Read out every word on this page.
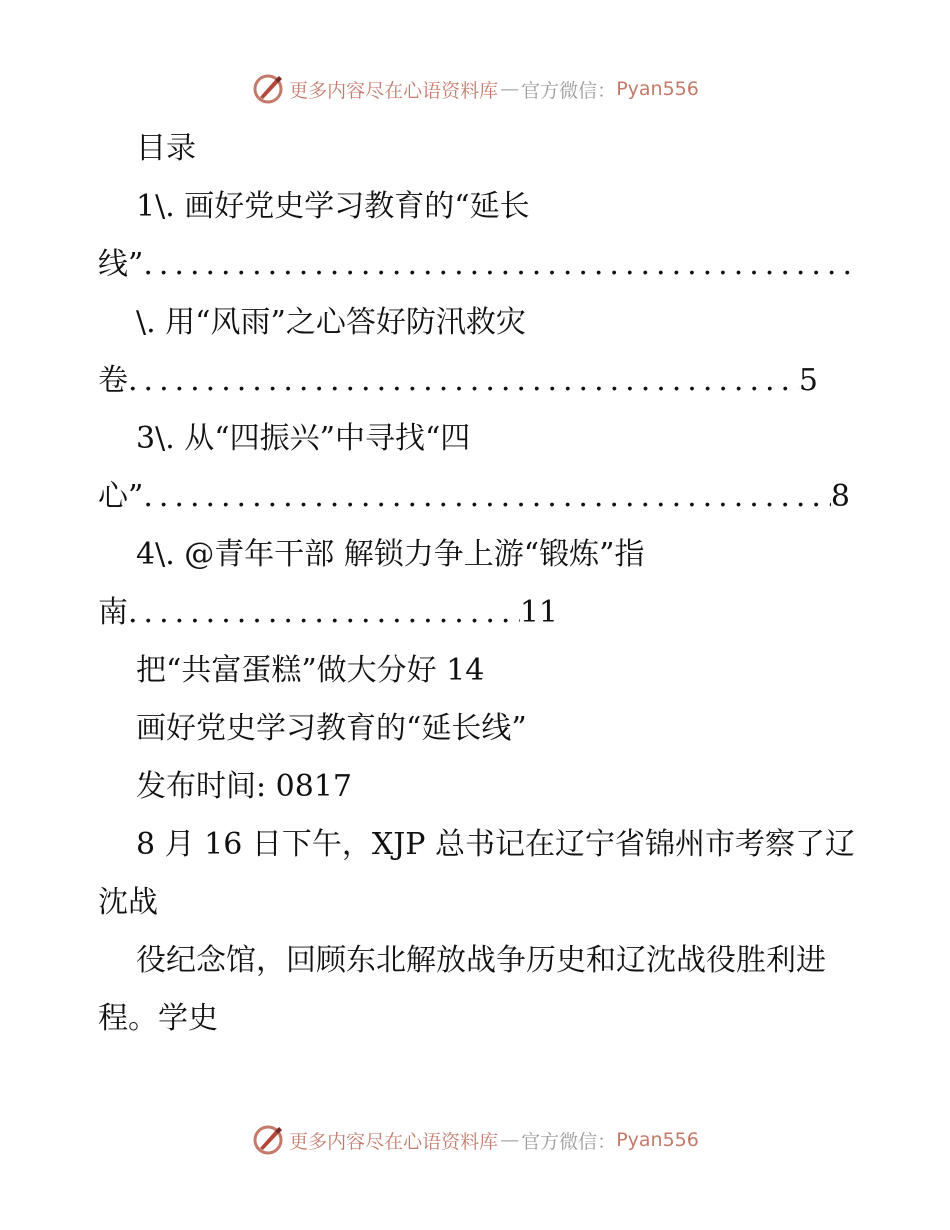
更多内容尽在心语资料库 — 官方微信： Pyan556

目录

1\. 画好党史学习教育的“延长

线”
.....

\. 用“风雨”之心答好防汛救灾

卷 .....	5

3\. 从“四振兴”中寻找“四

心” .....	8

4\. @青年干部 解锁力争上游“锻炼”指

南 .....	11

把“共富蛋糕”做大分好 14

画好党史学习教育的“延长线”

发布时间: 0817

8 月 16 日下午，XJP 总书记在辽宁省锦州市考察了辽沈战

役纪念馆，回顾东北解放战争历史和辽沈战役胜利进程。学史

更多内容尽在心语资料库 — 官方微信： Pyan556
